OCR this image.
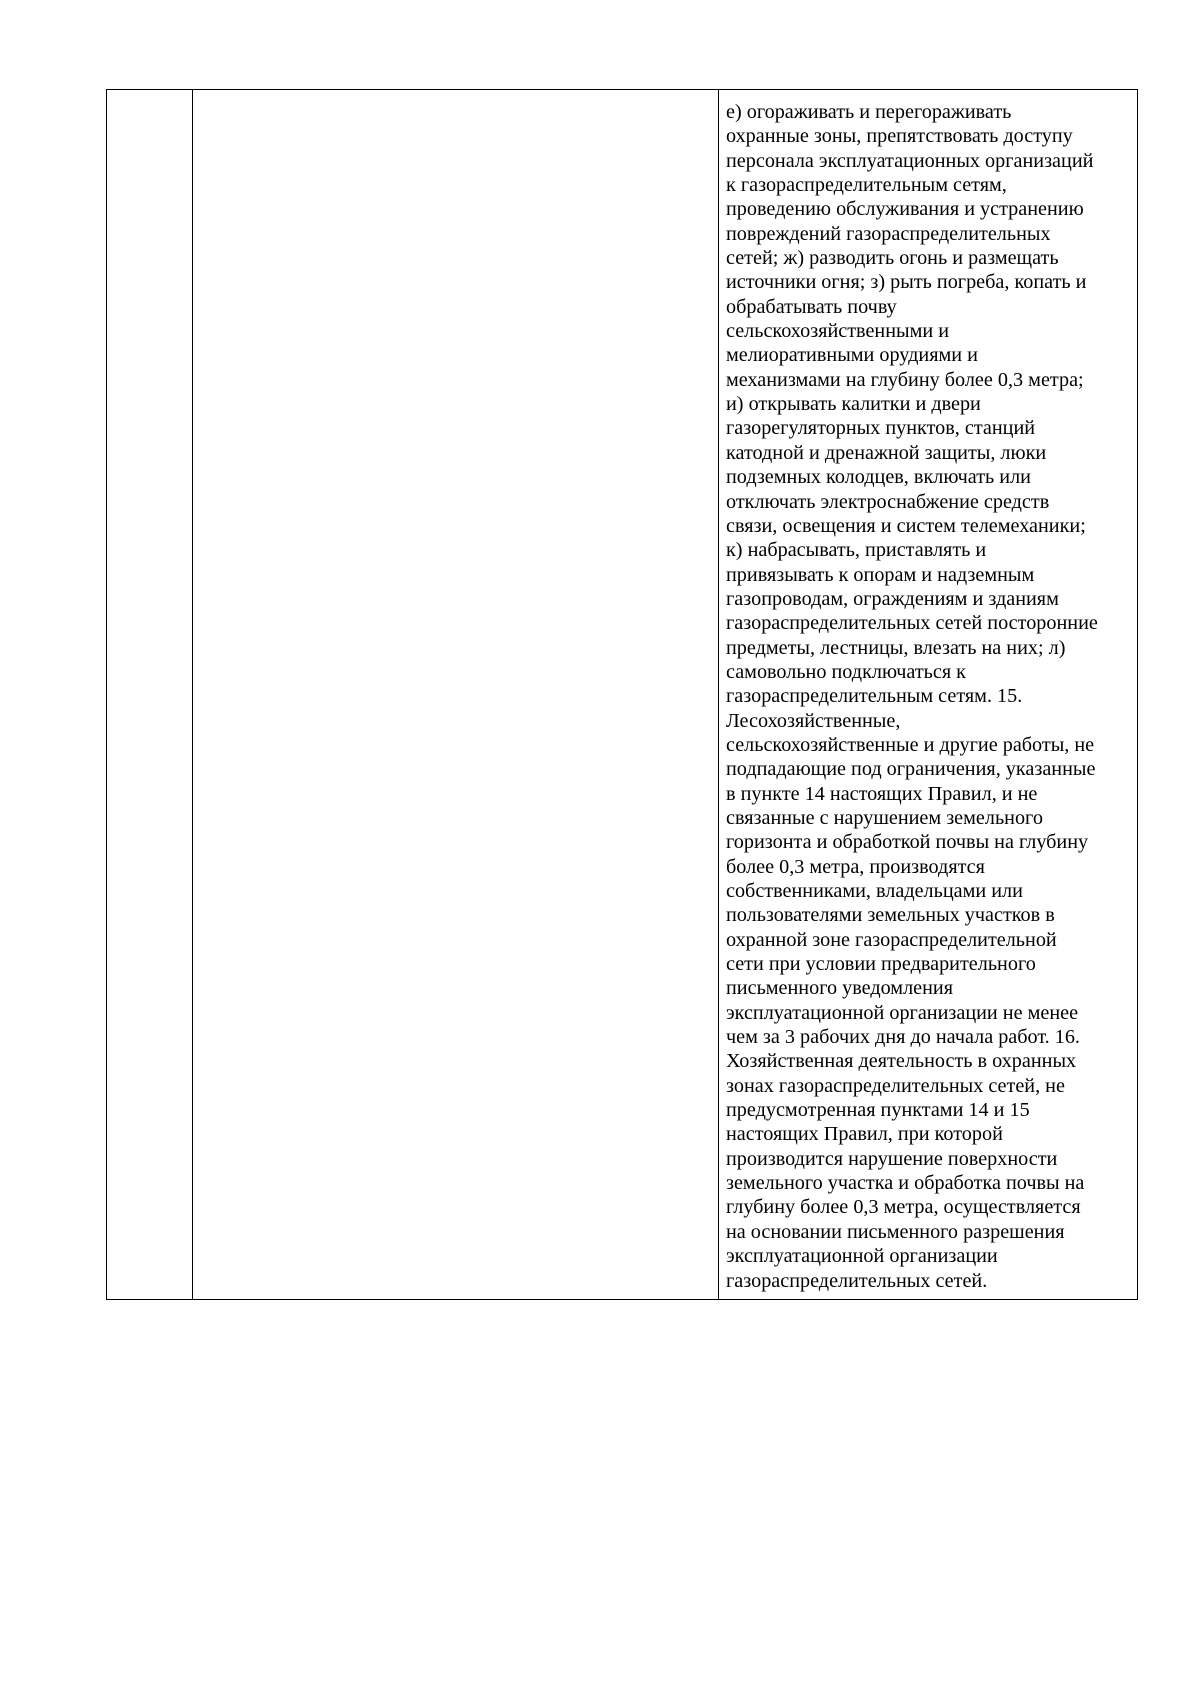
е) огораживать и перегораживать
охранные зоны, препятствовать доступу
персонала эксплуатационных организаций
к газораспределительным сетям,
проведению обслуживания и устранению
повреждений газораспределительных
сетей; ж) разводить огонь и размещать
источники огня; з) рыть погреба, копать и
обрабатывать почву
сельскохозяйственными и
мелиоративными орудиями и
механизмами на глубину более 0,3 метра;
и) открывать калитки и двери
газорегуляторных пунктов, станций
катодной и дренажной защиты, люки
подземных колодцев, включать или
отключать электроснабжение средств
связи, освещения и систем телемеханики;
к) набрасывать, приставлять и
привязывать к опорам и надземным
газопроводам, ограждениям и зданиям
газораспределительных сетей посторонние
предметы, лестницы, влезать на них; л)
самовольно подключаться к
газораспределительным сетям. 15.
Лесохозяйственные,
сельскохозяйственные и другие работы, не
подпадающие под ограничения, указанные
в пункте 14 настоящих Правил, и не
связанные с нарушением земельного
горизонта и обработкой почвы на глубину
более 0,3 метра, производятся
собственниками, владельцами или
пользователями земельных участков в
охранной зоне газораспределительной
сети при условии предварительного
письменного уведомления
эксплуатационной организации не менее
чем за 3 рабочих дня до начала работ. 16.
Хозяйственная деятельность в охранных
зонах газораспределительных сетей, не
предусмотренная пунктами 14 и 15
настоящих Правил, при которой
производится нарушение поверхности
земельного участка и обработка почвы на
глубину более 0,3 метра, осуществляется
на основании письменного разрешения
эксплуатационной организации
газораспределительных сетей.
